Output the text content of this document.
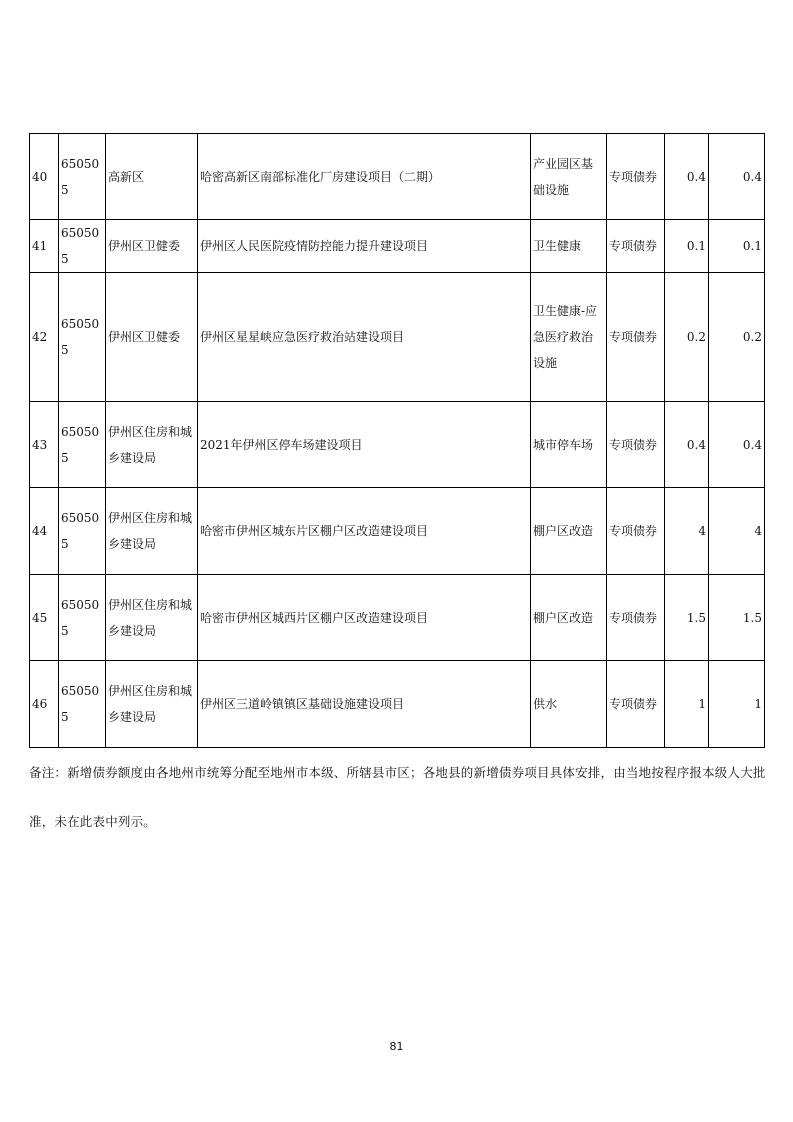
40	650505	高新区	哈密高新区南部标准化厂房建设项目（二期）	产业园区基础设施	专项债券	0.4	0.4
41	650505	伊州区卫健委	伊州区人民医院疫情防控能力提升建设项目	卫生健康	专项债券	0.1	0.1
42	650505	伊州区卫健委	伊州区星星峡应急医疗救治站建设项目	卫生健康-应急医疗救治设施	专项债券	0.2	0.2
43	650505	伊州区住房和城乡建设局	2021年伊州区停车场建设项目	城市停车场	专项债券	0.4	0.4
44	650505	伊州区住房和城乡建设局	哈密市伊州区城东片区棚户区改造建设项目	棚户区改造	专项债券	4	4
45	650505	伊州区住房和城乡建设局	哈密市伊州区城西片区棚户区改造建设项目	棚户区改造	专项债券	1.5	1.5
46	650505	伊州区住房和城乡建设局	伊州区三道岭镇镇区基础设施建设项目	供水	专项债券	1	1
备注：新增债券额度由各地州市统筹分配至地州市本级、所辖县市区；各地县的新增债券项目具体安排，由当地按程序报本级人大批准，未在此表中列示。
81
